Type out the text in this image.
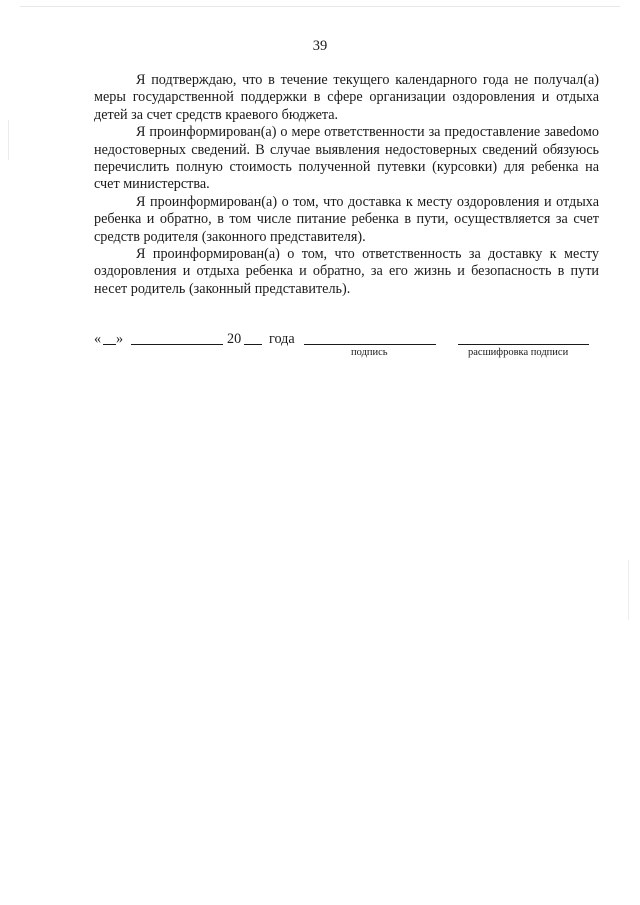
39

Я подтверждаю, что в течение текущего календарного года не получал(а) меры государственной поддержки в сфере организации оздоровления и отдыха детей за счет средств краевого бюджета.

Я проинформирован(а) о мере ответственности за предоставление завеdомо недостоверных сведений. В случае выявления недостоверных сведений обязуюсь перечислить полную стоимость полученной путевки (курсовки) для ребенка на счет министерства.

Я проинформирован(а) о том, что доставка к месту оздоровления и отдыха ребенка и обратно, в том числе питание ребенка в пути, осуществляется за счет средств родителя (законного представителя).

Я проинформирован(а) о том, что ответственность за доставку к месту оздоровления и отдыха ребенка и обратно, за его жизнь и безопасность в пути несет родитель (законный представитель).

« »	20 года
подпись	расшифровка подписи
